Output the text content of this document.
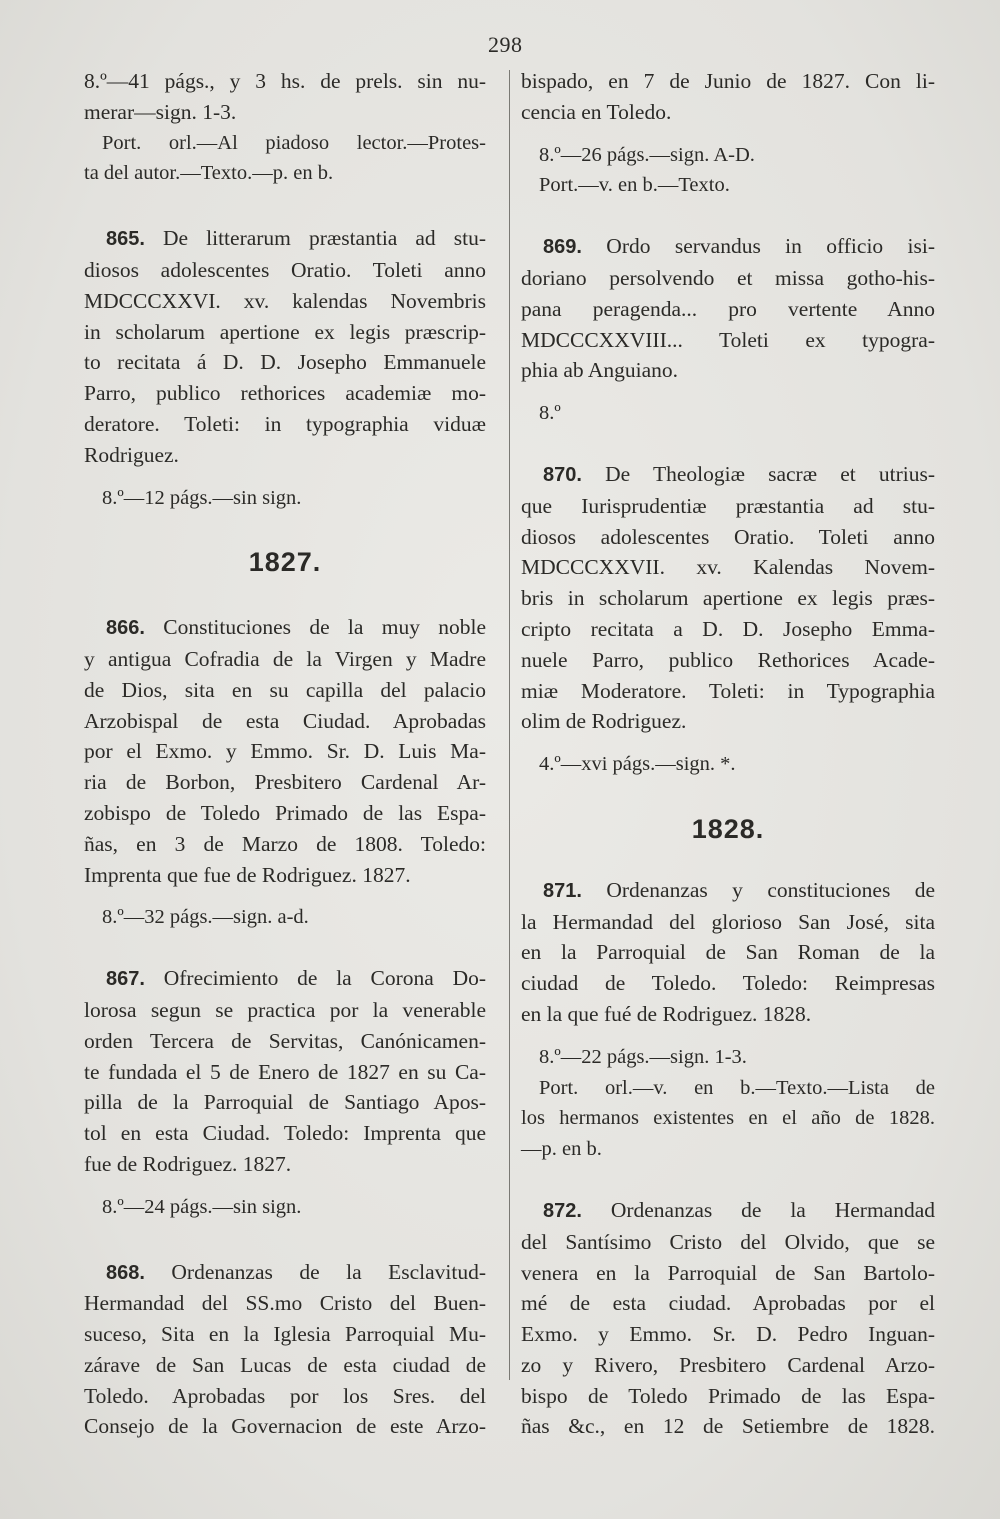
298
8.º—41 págs., y 3 hs. de prels. sin nu-
merar—sign. 1-3.
Port. orl.—Al piadoso lector.—Protes-
ta del autor.—Texto.—p. en b.
865. De litterarum præstantia ad stu-
diosos adolescentes Oratio. Toleti anno
MDCCCXXVI. xv. kalendas Novembris
in scholarum apertione ex legis præscrip-
to recitata á D. D. Josepho Emmanuele
Parro, publico rethorices academiæ mo-
deratore. Toleti: in typographia viduæ
Rodriguez.
8.º—12 págs.—sin sign.
1827.
866. Constituciones de la muy noble
y antigua Cofradia de la Virgen y Madre
de Dios, sita en su capilla del palacio
Arzobispal de esta Ciudad. Aprobadas
por el Exmo. y Emmo. Sr. D. Luis Ma-
ria de Borbon, Presbitero Cardenal Ar-
zobispo de Toledo Primado de las Espa-
ñas, en 3 de Marzo de 1808. Toledo:
Imprenta que fue de Rodriguez. 1827.
8.º—32 págs.—sign. a-d.
867. Ofrecimiento de la Corona Do-
lorosa segun se practica por la venerable
orden Tercera de Servitas, Canónicamen-
te fundada el 5 de Enero de 1827 en su Ca-
pilla de la Parroquial de Santiago Apos-
tol en esta Ciudad. Toledo: Imprenta que
fue de Rodriguez. 1827.
8.º—24 págs.—sin sign.
868. Ordenanzas de la Esclavitud-
Hermandad del SS.mo Cristo del Buen-
suceso, Sita en la Iglesia Parroquial Mu-
zárave de San Lucas de esta ciudad de
Toledo. Aprobadas por los Sres. del
Consejo de la Governacion de este Arzo-
bispado, en 7 de Junio de 1827. Con li-
cencia en Toledo.
8.º—26 págs.—sign. A-D.
Port.—v. en b.—Texto.
869. Ordo servandus in officio isi-
doriano persolvendo et missa gotho-his-
pana peragenda... pro vertente Anno
MDCCCXXVIII... Toleti ex typogra-
phia ab Anguiano.
8.º
870. De Theologiæ sacræ et utrius-
que Iurisprudentiæ præstantia ad stu-
diosos adolescentes Oratio. Toleti anno
MDCCCXXVII. xv. Kalendas Novem-
bris in scholarum apertione ex legis præs-
cripto recitata a D. D. Josepho Emma-
nuele Parro, publico Rethorices Acade-
miæ Moderatore. Toleti: in Typographia
olim de Rodriguez.
4.º—xvi págs.—sign. *.
1828.
871. Ordenanzas y constituciones de
la Hermandad del glorioso San José, sita
en la Parroquial de San Roman de la
ciudad de Toledo. Toledo: Reimpresas
en la que fué de Rodriguez. 1828.
8.º—22 págs.—sign. 1-3.
Port. orl.—v. en b.—Texto.—Lista de
los hermanos existentes en el año de 1828.
—p. en b.
872. Ordenanzas de la Hermandad
del Santísimo Cristo del Olvido, que se
venera en la Parroquial de San Bartolo-
mé de esta ciudad. Aprobadas por el
Exmo. y Emmo. Sr. D. Pedro Inguan-
zo y Rivero, Presbitero Cardenal Arzo-
bispo de Toledo Primado de las Espa-
ñas &c., en 12 de Setiembre de 1828.
